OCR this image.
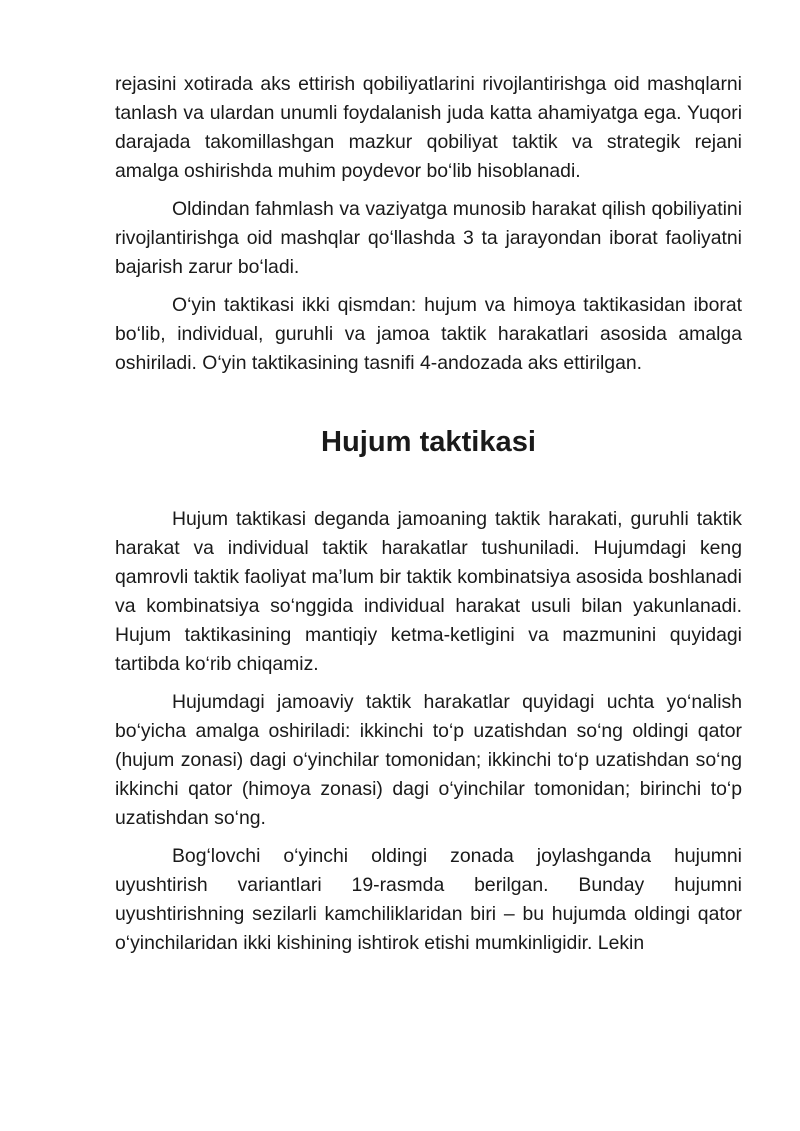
rejasini xotirada aks ettirish qobiliyatlarini rivojlantirishga oid mashqlarni tanlash va ulardan unumli foydalanish juda katta ahamiyatga ega. Yuqori darajada takomillashgan mazkur qobiliyat taktik va strategik rejani amalga oshirishda muhim poydevor bo‘lib hisoblanadi.

Oldindan fahmlash va vaziyatga munosib harakat qilish qobiliyatini rivojlantirishga oid mashqlar qo‘llashda 3 ta jarayondan iborat faoliyatni bajarish zarur bo‘ladi.

O‘yin taktikasi ikki qismdan: hujum va himoya taktikasidan iborat bo‘lib, individual, guruhli va jamoa taktik harakatlari asosida amalga oshiriladi. O‘yin taktikasining tasnifi 4-andozada aks ettirilgan.

Hujum taktikasi

Hujum taktikasi deganda jamoaning taktik harakati, guruhli taktik harakat va individual taktik harakatlar tushuniladi. Hujumdagi keng qamrovli taktik faoliyat ma’lum bir taktik kombinatsiya asosida boshlanadi va kombinatsiya so‘nggida individual harakat usuli bilan yakunlanadi. Hujum taktikasining mantiqiy ketma-ketligini va mazmunini quyidagi tartibda ko‘rib chiqamiz.

Hujumdagi jamoaviy taktik harakatlar quyidagi uchta yo‘nalish bo‘yicha amalga oshiriladi: ikkinchi to‘p uzatishdan so‘ng oldingi qator (hujum zonasi) dagi o‘yinchilar tomonidan; ikkinchi to‘p uzatishdan so‘ng ikkinchi qator (himoya zonasi) dagi o‘yinchilar tomonidan; birinchi to‘p uzatishdan so‘ng.

Bog‘lovchi o‘yinchi oldingi zonada joylashganda hujumni uyushtirish variantlari 19-rasmda berilgan. Bunday hujumni uyushtirishning sezilarli kamchiliklaridan biri – bu hujumda oldingi qator o‘yinchilaridan ikki kishining ishtirok etishi mumkinligidir. Lekin
